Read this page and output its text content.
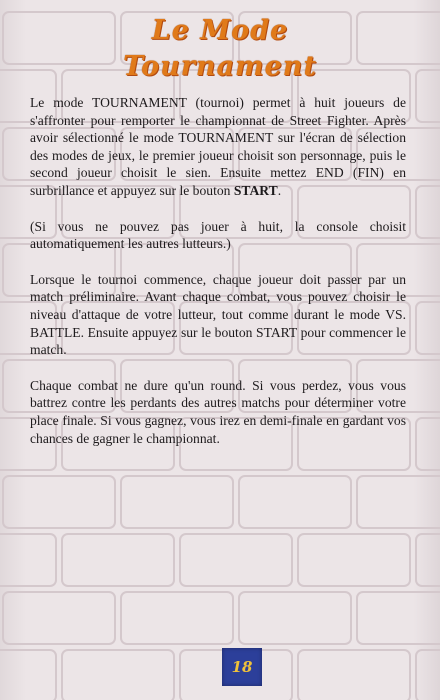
Le Mode
Tournament

Le mode TOURNAMENT (tournoi) permet à huit joueurs de s'affronter pour remporter le championnat de Street Fighter. Après avoir sélectionné le mode TOURNAMENT sur l'écran de sélection des modes de jeux, le premier joueur choisit son personnage, puis le second joueur choisit le sien. Ensuite mettez END (FIN) en surbrillance et appuyez sur le bouton START.

(Si vous ne pouvez pas jouer à huit, la console choisit automatiquement les autres lutteurs.)

Lorsque le tournoi commence, chaque joueur doit passer par un match préliminaire. Avant chaque combat, vous pouvez choisir le niveau d'attaque de votre lutteur, tout comme durant le mode VS. BATTLE. Ensuite appuyez sur le bouton START pour commencer le match.

Chaque combat ne dure qu'un round. Si vous perdez, vous vous battrez contre les perdants des autres matchs pour déterminer votre place finale. Si vous gagnez, vous irez en demi-finale en gardant vos chances de gagner le championnat.

18
